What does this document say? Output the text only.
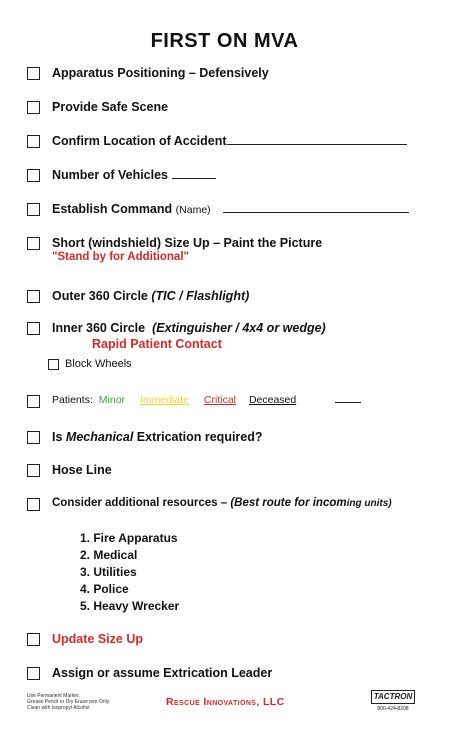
FIRST ON MVA
Apparatus Positioning – Defensively
Provide Safe Scene
Confirm Location of Accident
Number of Vehicles
Establish Command (Name)
Short (windshield) Size Up – Paint the Picture
"Stand by for Additional"
Outer 360 Circle (TIC / Flashlight)
Inner 360 Circle (Extinguisher / 4x4 or wedge)
Rapid Patient Contact
Block Wheels
Patients: Minor Immediate Critical Deceased
Is Mechanical Extrication required?
Hose Line
Consider additional resources – (Best route for incoming units)
1. Fire Apparatus
2. Medical
3. Utilities
4. Police
5. Heavy Wrecker
Update Size Up
Assign or assume Extrication Leader
Use Permanent Marker,
Grease Pencil or Dry Erase pen Only
Clean with Isopropyl Alcohol	Rescue Innovations, LLC	TACTRON
800-424-8208
